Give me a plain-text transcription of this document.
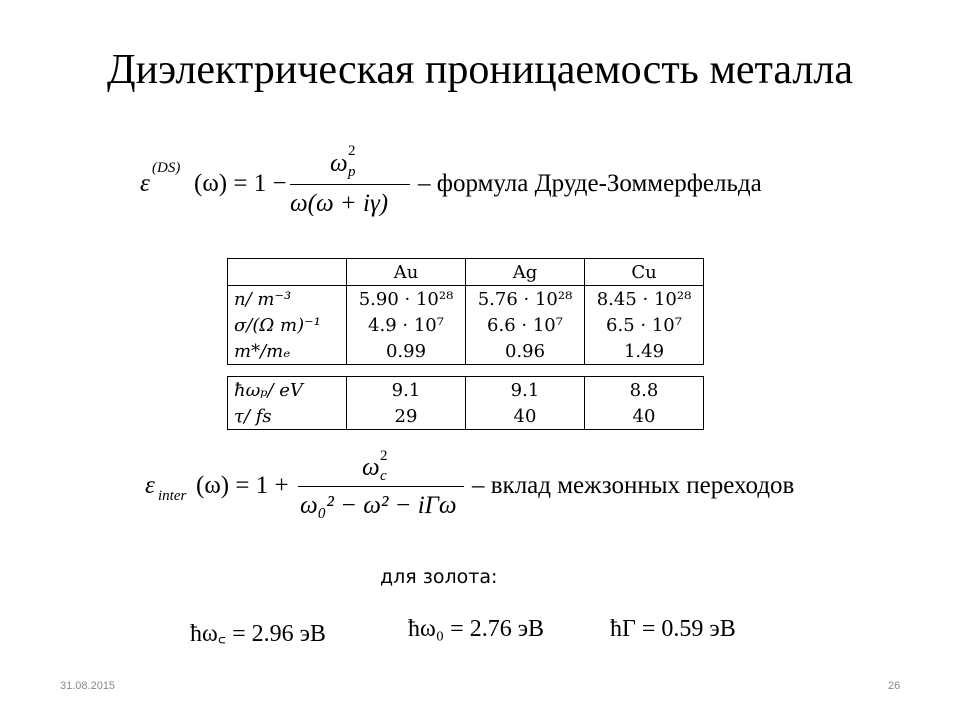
Диэлектрическая проницаемость металла
ε
(DS)
(ω) = 1 −
ω 2
p
ω(ω + iγ)
– формула Друде-Зоммерфельда
	Au	Ag	Cu
n/ m⁻³	5.90 · 10²⁸	5.76 · 10²⁸	8.45 · 10²⁸
σ/(Ω m)⁻¹	4.9 · 10⁷	6.6 · 10⁷	6.5 · 10⁷
m*/mₑ	0.99	0.96	1.49
ħωₚ/ eV	9.1	9.1	8.8
τ/ fs	29	40	40
ε inter (ω) = 1 +
ω 2
c
ω₀² − ω² − iΓω
– вклад межзонных переходов
для золота:
ħω꜀ = 2.96 эВ	ħω₀ = 2.76 эВ	ħΓ = 0.59 эВ
31.08.2015	26
